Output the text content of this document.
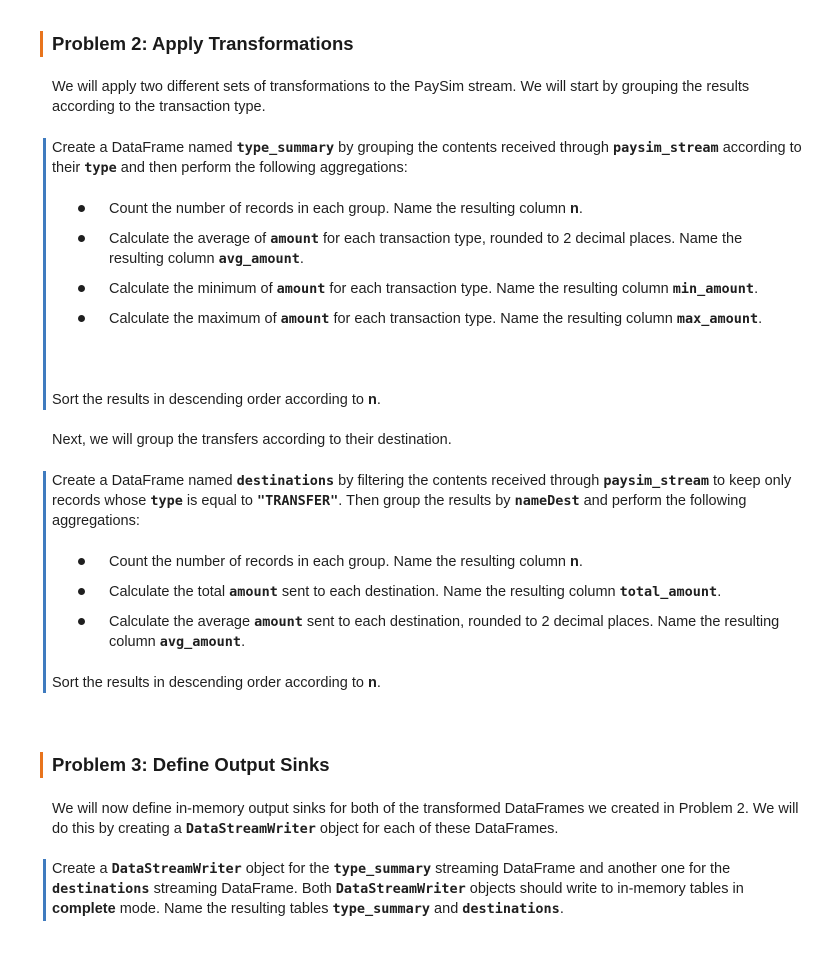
Problem 2: Apply Transformations

We will apply two different sets of transformations to the PaySim stream. We will start by grouping the results according to the transaction type.

Create a DataFrame named type_summary by grouping the contents received through paysim_stream according to their type and then perform the following aggregations:

Count the number of records in each group. Name the resulting column n.
Calculate the average of amount for each transaction type, rounded to 2 decimal places. Name the resulting column avg_amount.
Calculate the minimum of amount for each transaction type. Name the resulting column min_amount.
Calculate the maximum of amount for each transaction type. Name the resulting column max_amount.

Sort the results in descending order according to n.

Next, we will group the transfers according to their destination.

Create a DataFrame named destinations by filtering the contents received through paysim_stream to keep only records whose type is equal to "TRANSFER". Then group the results by nameDest and perform the following aggregations:

Count the number of records in each group. Name the resulting column n.
Calculate the total amount sent to each destination. Name the resulting column total_amount.
Calculate the average amount sent to each destination, rounded to 2 decimal places. Name the resulting column avg_amount.

Sort the results in descending order according to n.

Problem 3: Define Output Sinks

We will now define in-memory output sinks for both of the transformed DataFrames we created in Problem 2. We will do this by creating a DataStreamWriter object for each of these DataFrames.

Create a DataStreamWriter object for the type_summary streaming DataFrame and another one for the destinations streaming DataFrame. Both DataStreamWriter objects should write to in-memory tables in complete mode. Name the resulting tables type_summary and destinations.
